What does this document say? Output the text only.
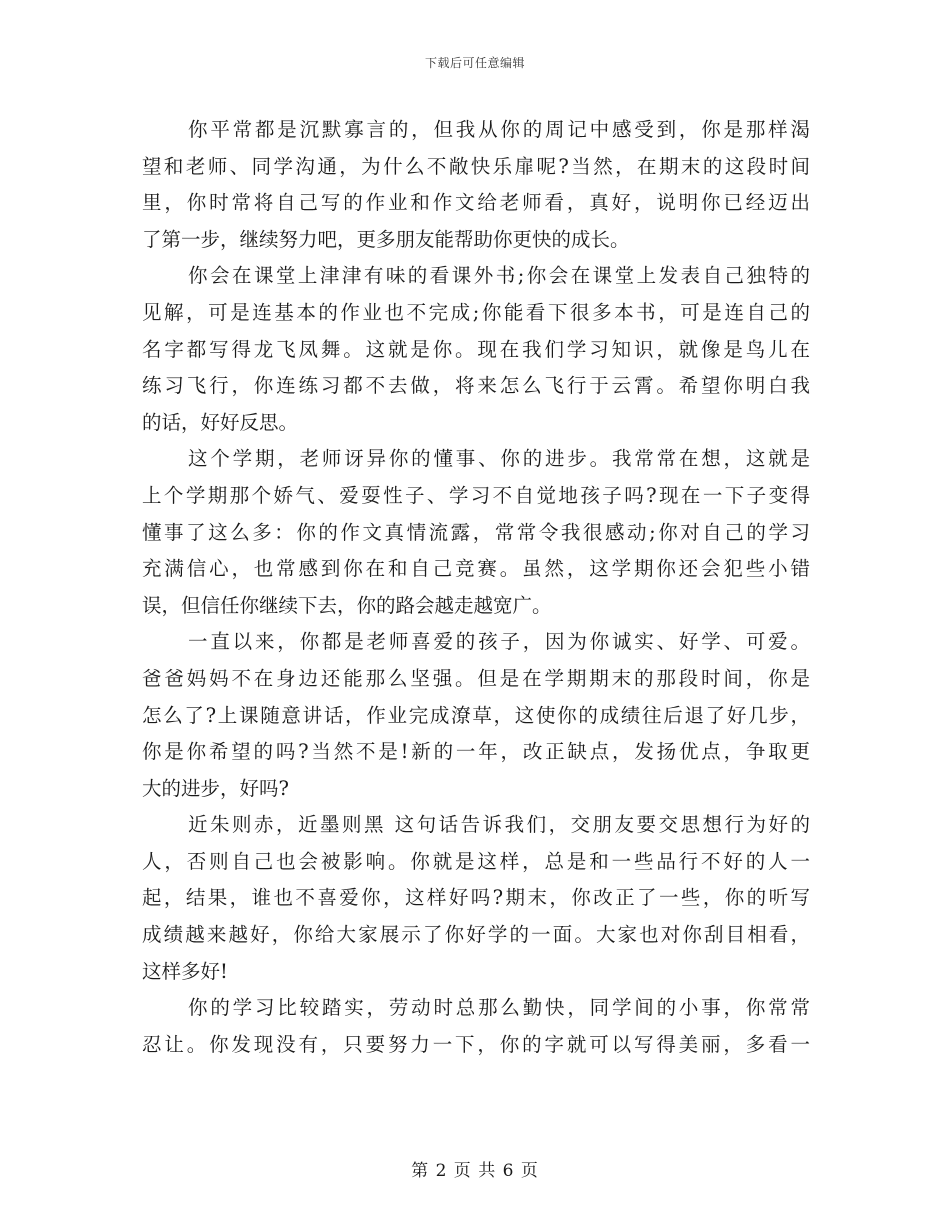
下载后可任意编辑
你平常都是沉默寡言的，但我从你的周记中感受到，你是那样渴
望和老师、同学沟通，为什么不敞快乐扉呢?当然，在期末的这段时间
里，你时常将自己写的作业和作文给老师看，真好，说明你已经迈出
了第一步，继续努力吧，更多朋友能帮助你更快的成长。
你会在课堂上津津有味的看课外书;你会在课堂上发表自己独特的
见解，可是连基本的作业也不完成;你能看下很多本书，可是连自己的
名字都写得龙飞凤舞。这就是你。现在我们学习知识，就像是鸟儿在
练习飞行，你连练习都不去做，将来怎么飞行于云霄。希望你明白我
的话，好好反思。
这个学期，老师讶异你的懂事、你的进步。我常常在想，这就是
上个学期那个娇气、爱耍性子、学习不自觉地孩子吗?现在一下子变得
懂事了这么多：你的作文真情流露，常常令我很感动;你对自己的学习
充满信心，也常感到你在和自己竞赛。虽然，这学期你还会犯些小错
误，但信任你继续下去，你的路会越走越宽广。
一直以来，你都是老师喜爱的孩子，因为你诚实、好学、可爱。
爸爸妈妈不在身边还能那么坚强。但是在学期期末的那段时间，你是
怎么了?上课随意讲话，作业完成潦草，这使你的成绩往后退了好几步，
你是你希望的吗?当然不是!新的一年，改正缺点，发扬优点，争取更
大的进步，好吗?
近朱则赤，近墨则黑 这句话告诉我们，交朋友要交思想行为好的
人，否则自己也会被影响。你就是这样，总是和一些品行不好的人一
起，结果，谁也不喜爱你，这样好吗?期末，你改正了一些，你的听写
成绩越来越好，你给大家展示了你好学的一面。大家也对你刮目相看，
这样多好!
你的学习比较踏实，劳动时总那么勤快，同学间的小事，你常常
忍让。你发现没有，只要努力一下，你的字就可以写得美丽，多看一
第 2 页 共 6 页
